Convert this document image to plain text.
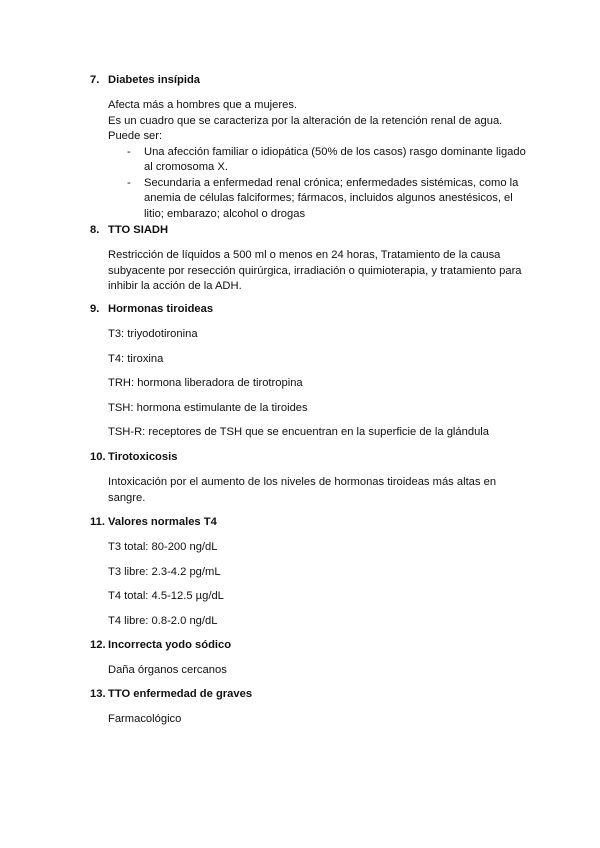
7. Diabetes insípida

Afecta más a hombres que a mujeres.

Es un cuadro que se caracteriza por la alteración de la retención renal de agua.

Puede ser:

- Una afección familiar o idiopática (50% de los casos) rasgo dominante ligado al cromosoma X.
- Secundaria a enfermedad renal crónica; enfermedades sistémicas, como la anemia de células falciformes; fármacos, incluidos algunos anestésicos, el litio; embarazo; alcohol o drogas
8. TTO SIADH

Restricción de líquidos a 500 ml o menos en 24 horas, Tratamiento de la causa subyacente por resección quirúrgica, irradiación o quimioterapia, y tratamiento para inhibir la acción de la ADH.

9. Hormonas tiroideas

T3: triyodotironina

T4: tiroxina

TRH: hormona liberadora de tirotropina

TSH: hormona estimulante de la tiroides

TSH-R: receptores de TSH que se encuentran en la superficie de la glándula

10. Tirotoxicosis

Intoxicación por el aumento de los niveles de hormonas tiroideas más altas en sangre.

11. Valores normales T4

T3 total: 80-200 ng/dL

T3 libre: 2.3-4.2 pg/mL

T4 total: 4.5-12.5 µg/dL

T4 libre: 0.8-2.0 ng/dL

12. Incorrecta yodo sódico

Daña órganos cercanos

13. TTO enfermedad de graves

Farmacológico
